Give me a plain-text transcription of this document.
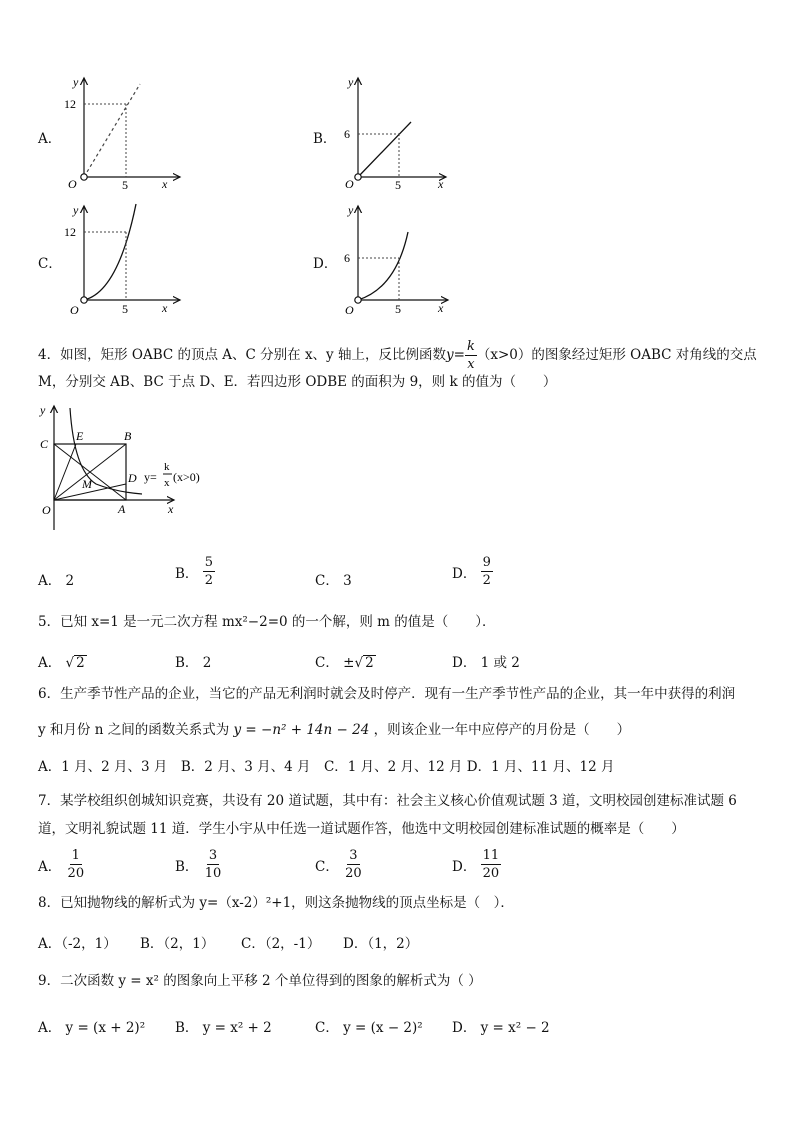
A．
12
5
O	x
y
B． 6
5
O	x
y
C．
12
5
O	x
y
D． 6
5
O	x
y
4．如图，矩形 OABC 的顶点 A、C 分别在 x、y 轴上，反比例函数 $y= \frac{k}{x} (x>0)$的图象经过矩形 OABC 对角线的交点
M，分别交 AB、BC 于点 D、E．若四边形 ODBE 的面积为 9，则 k 的值为（　　）
C
E	B
M	D
O	A	x
y
y=
k
x (x>0)
A． 2	B．
$\frac{5}{2}$	C． 3	D．
$\frac{9}{2}$
5．已知 x=1 是一元二次方程 mx²−2=0 的一个解，则 m 的值是（　　）．
A． √ 2	B． 2	C． ±√ 2	D． 1 或 2
6．生产季节性产品的企业，当它的产品无利润时就会及时停产．现有一生产季节性产品的企业，其一年中获得的利润
y 和月份 n 之间的函数关系式为 y = −n² + 14n − 24 ，则该企业一年中应停产的月份是（　　）
A．1 月、2 月、3 月　B．2 月、3 月、4 月　C．1 月、2 月、12 月 D．1 月、11 月、12 月
7．某学校组织创城知识竞赛，共设有 20 道试题，其中有：社会主义核心价值观试题 3 道，文明校园创建标准试题 6
道，文明礼貌试题 11 道．学生小宇从中任选一道试题作答，他选中文明校园创建标准试题的概率是（　　）
A．
$\frac{1}{20}$	B．
$\frac{3}{10}$	C．
$\frac{3}{20}$	D．
$\frac{11}{20}$
8．已知抛物线的解析式为 y=（x-2）²+1，则这条抛物线的顶点坐标是（　）．
A．（-2，1） B．（2，1） C．（2，-1） D．（1，2）
9．二次函数 y = x² 的图象向上平移 2 个单位得到的图象的解析式为（ ）
A． y = (x + 2)² B． y = x² + 2	C． y = (x − 2)² D． y = x² − 2
